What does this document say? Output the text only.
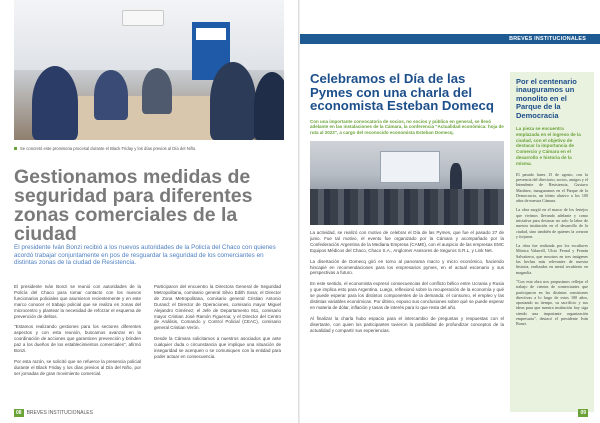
Se concretó este promisoria procesal durante el Black Friday y los días previos al Día del Niño.
Gestionamos medidas de seguridad para diferentes zonas comerciales de la ciudad

El presidente Iván Bonzi recibió a los nuevos autoridades de la Policía del Chaco con quienes acordó trabajar conjuntamente en pos de resguardar la seguridad de los comerciantes en distintas zonas de la ciudad de Resistencia.

El presidente Iván Bonzi se reunió con autoridades de la Policía del Chaco para tomar contacto con los nuevos funcionarios policiales que asumieron recientemente y en este marco conocer el trabajo policial que se realiza en zonas del microcentro y plantear la necesidad de reforzar el esquema de prevención de delitos.

"Estamos realizando gestiones para los sectores diferentes aspectos y con esta reunión, buscamos avanzar en la coordinación de acciones que garanticen prevención y brinden paz a los dueños de los establecimientos comerciales", afirmó Bonzi.

Por esta razón, se solicitó que se refuerce la presencia policial durante el Black Friday y los días previos al Día del Niño, por ser jornadas de gran movimiento comercial.

Participaron del encuentro la Directora General de Seguridad Metropolitana, comisario general Silvio Edith Sosa; el Director de Zona Metropolitana, comisario general Cristian Antonio Durand; el Director de Operaciones, comisario mayor Miguel Alejandro Giménez; el Jefe de Departamento 911, comisario mayor Cristian José Ramón Figueroa; y el Director del Centro de Análisis, Comando y Control Policial (CEAC), comisario general Cristian Verón.

Desde la Cámara solicitamos a nuestros asociados que ante cualquier duda o circunstancia que implique una situación de inseguridad se acerquen o se comuniquen con la entidad para poder actuar en consecuencia.

08 BREVES INSTITUCIONALES
BREVES INSTITUCIONALES
Celebramos el Día de las Pymes con una charla del economista Esteban Domecq

Con una importante convocatoria de socios, no socios y público en general, se llevó adelante en las instalaciones de la Cámara, la conferencia "Actualidad económica: hoja de ruta al 2023", a cargo del reconocido economista Esteban Domecq.

La actividad, se realizó con motivo de celebrar el Día de las Pymes, que fue el pasado 27 de junio. Fue tal motivo, el evento fue organizado por la Cámara y acompañado por la Confederación Argentina de la Mediana Empresa (CAME), con el auspicio de las empresas EMC Equipos Médicos del Chaco, Chaco S.A., Anglomer Asesores de Seguros S.R.L. y Link Net.

La disertación de Domecq giró en torno al panorama macro y micro económico, haciendo hincapié en recomendaciones para los empresarios pymes, en el actual escenario y sus perspectivas a futuro.

En este sentido, el economista expresó consecuencias del conflicto bélico entre Ucrania y Rusia y que implica esto para Argentina. Luego, reflexionó sobre la recuperación de la economía y qué se puede esperar para los distintos componentes de la demanda: el consumo, el empleo y las distintas variables económicas. Por último, expuso sus conclusiones sobre qué se puede esperar en materia de dólar, inflación y tasas de interés para lo que resta del año.

Al finalizar la charla hubo espacio para el intercambio de preguntas y respuestas con el disertante, con quien los participantes tuvieron la posibilidad de profundizar conceptos de la actualidad y compartir sus experiencias.

Por el centenario inauguramos un monolito en el Parque de la Democracia
La pieza se encuentra emplazada en el ingreso de la ciudad, con el objetivo de destacar la importancia de Comercio y Cámara en el desarrollo e historia de la misma.

El pasado lunes 15 de agosto, con la presencia del directorio, socios, amigos y el Intendente de Resistencia, Gustavo Martínez, inauguramos en el Parque de la Democracia, un tótem alusivo a los 100 años de nuestra Cámara.

La obra surgió en el marco de los festejos que vivimos llevando adelante y como iniciativa para destacar no solo la labor de nuestra institución en el desarrollo de la ciudad, sino también de quienes la crearon y forjaron.

La obra fue realizada por los escultores Mónica Valarrell, Ulcio Fernal y Fernán Salvatierra, que nosotros en tres imágenes las hechas más relevantes de nuestra historia, realizadas en metal recubierto en magnolia.

"Con esta obra nos propusimos reflejar el trabajo de cientos de comerciantes que participaron en las distintas comisiones directivas a lo largo de estos 100 años, apostando su tiempo, su sacrificio y sus ideas para que nuestra institución hoy siga siendo una importante organización empresaria", destacó el presidente Iván Bonzi.

09
